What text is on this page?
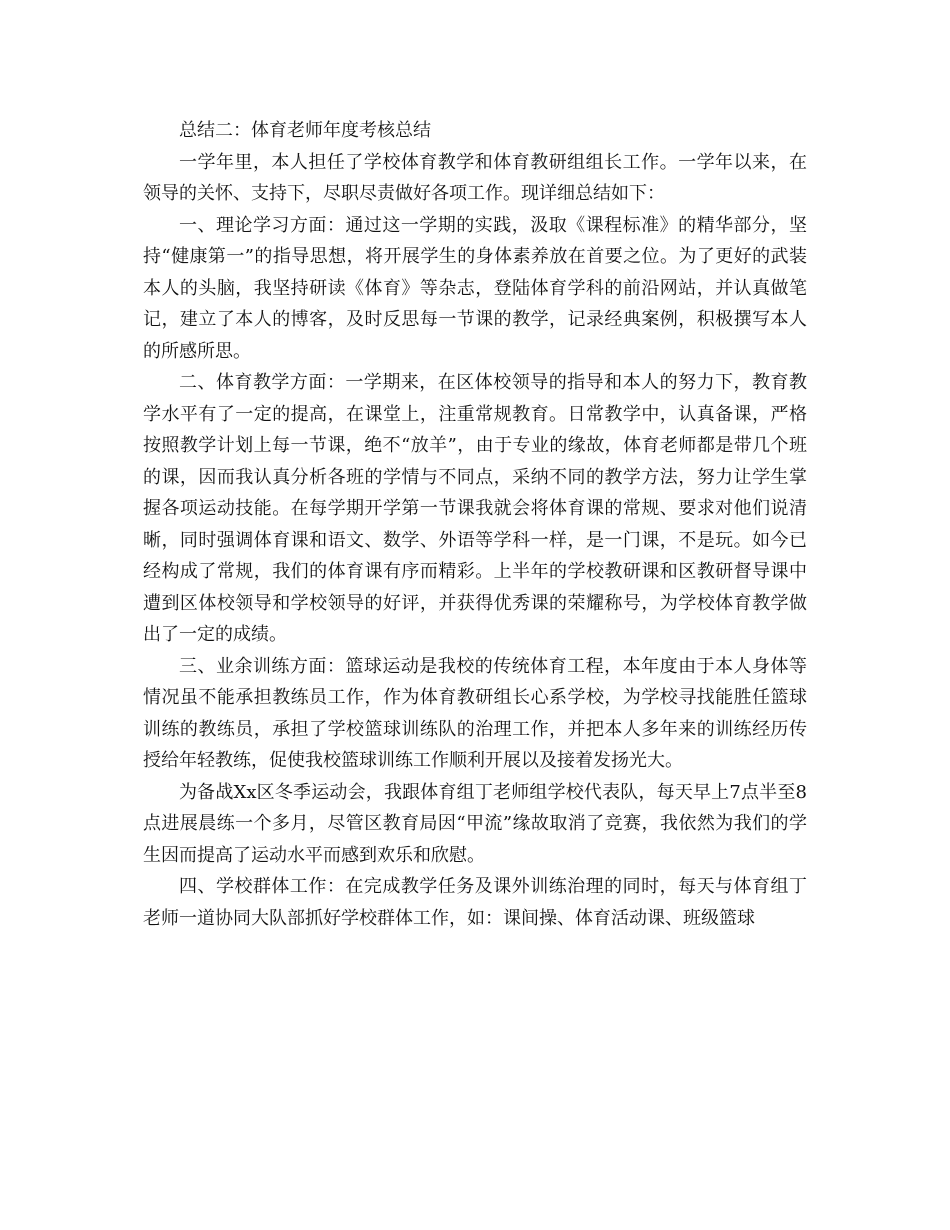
总结二：体育老师年度考核总结

一学年里，本人担任了学校体育教学和体育教研组组长工作。一学年以来，在领导的关怀、支持下，尽职尽责做好各项工作。现详细总结如下：

一、理论学习方面：通过这一学期的实践，汲取《课程标准》的精华部分，坚持“健康第一”的指导思想，将开展学生的身体素养放在首要之位。为了更好的武装本人的头脑，我坚持研读《体育》等杂志，登陆体育学科的前沿网站，并认真做笔记，建立了本人的博客，及时反思每一节课的教学，记录经典案例，积极撰写本人的所感所思。

二、体育教学方面：一学期来，在区体校领导的指导和本人的努力下，教育教学水平有了一定的提高，在课堂上，注重常规教育。日常教学中，认真备课，严格按照教学计划上每一节课，绝不“放羊”，由于专业的缘故，体育老师都是带几个班的课，因而我认真分析各班的学情与不同点，采纳不同的教学方法，努力让学生掌握各项运动技能。在每学期开学第一节课我就会将体育课的常规、要求对他们说清晰，同时强调体育课和语文、数学、外语等学科一样，是一门课，不是玩。如今已经构成了常规，我们的体育课有序而精彩。上半年的学校教研课和区教研督导课中遭到区体校领导和学校领导的好评，并获得优秀课的荣耀称号，为学校体育教学做出了一定的成绩。

三、业余训练方面：篮球运动是我校的传统体育工程，本年度由于本人身体等情况虽不能承担教练员工作，作为体育教研组长心系学校，为学校寻找能胜任篮球训练的教练员，承担了学校篮球训练队的治理工作，并把本人多年来的训练经历传授给年轻教练，促使我校篮球训练工作顺利开展以及接着发扬光大。

为备战Xx区冬季运动会，我跟体育组丁老师组学校代表队，每天早上7点半至8点进展晨练一个多月，尽管区教育局因“甲流”缘故取消了竞赛，我依然为我们的学生因而提高了运动水平而感到欢乐和欣慰。

四、学校群体工作：在完成教学任务及课外训练治理的同时，每天与体育组丁老师一道协同大队部抓好学校群体工作，如：课间操、体育活动课、班级篮球
